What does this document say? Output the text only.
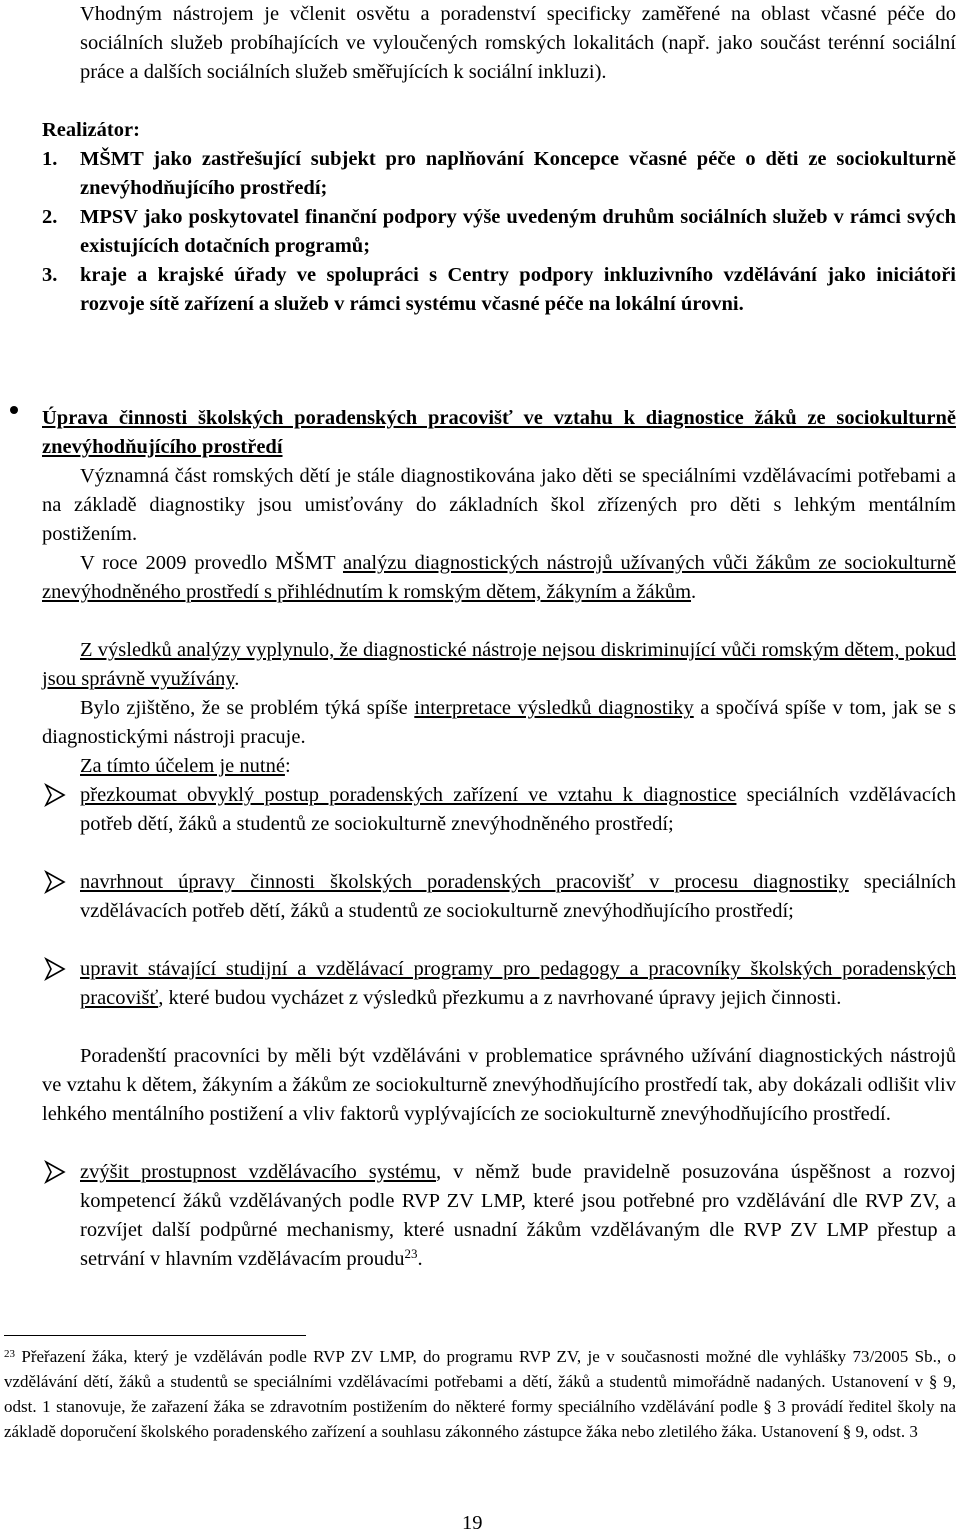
Vhodným nástrojem je včlenit osvětu a poradenství specificky zaměřené na oblast včasné péče do sociálních služeb probíhajících ve vyloučených romských lokalitách (např. jako součást terénní sociální práce a dalších sociálních služeb směřujících k sociální inkluzi).
Realizátor:
1. MŠMT jako zastřešující subjekt pro naplňování Koncepce včasné péče o děti ze sociokulturně znevýhodňujícího prostředí;
2. MPSV jako poskytovatel finanční podpory výše uvedeným druhům sociálních služeb v rámci svých existujících dotačních programů;
3. kraje a krajské úřady ve spolupráci s Centry podpory inkluzivního vzdělávání jako iniciátoři rozvoje sítě zařízení a služeb v rámci systému včasné péče na lokální úrovni.
Úprava činnosti školských poradenských pracovišť ve vztahu k diagnostice žáků ze sociokulturně znevýhodňujícího prostředí
Významná část romských dětí je stále diagnostikována jako děti se speciálními vzdělávacími potřebami a na základě diagnostiky jsou umisťovány do základních škol zřízených pro děti s lehkým mentálním postižením.
V roce 2009 provedlo MŠMT analýzu diagnostických nástrojů užívaných vůči žákům ze sociokulturně znevýhodněného prostředí s přihlédnutím k romským dětem, žákyním a žákům.
Z výsledků analýzy vyplynulo, že diagnostické nástroje nejsou diskriminující vůči romským dětem, pokud jsou správně využívány.
Bylo zjištěno, že se problém týká spíše interpretace výsledků diagnostiky a spočívá spíše v tom, jak se s diagnostickými nástroji pracuje.
Za tímto účelem je nutné:
přezkoumat obvyklý postup poradenských zařízení ve vztahu k diagnostice speciálních vzdělávacích potřeb dětí, žáků a studentů ze sociokulturně znevýhodněného prostředí;
navrhnout úpravy činnosti školských poradenských pracovišť v procesu diagnostiky speciálních vzdělávacích potřeb dětí, žáků a studentů ze sociokulturně znevýhodňujícího prostředí;
upravit stávající studijní a vzdělávací programy pro pedagogy a pracovníky školských poradenských pracovišť, které budou vycházet z výsledků přezkumu a z navrhované úpravy jejich činnosti.
Poradenští pracovníci by měli být vzděláváni v problematice správného užívání diagnostických nástrojů ve vztahu k dětem, žákyním a žákům ze sociokulturně znevýhodňujícího prostředí tak, aby dokázali odlišit vliv lehkého mentálního postižení a vliv faktorů vyplývajících ze sociokulturně znevýhodňujícího prostředí.
zvýšit prostupnost vzdělávacího systému, v němž bude pravidelně posuzována úspěšnost a rozvoj kompetencí žáků vzdělávaných podle RVP ZV LMP, které jsou potřebné pro vzdělávání dle RVP ZV, a rozvíjet další podpůrné mechanismy, které usnadní žákům vzdělávaným dle RVP ZV LMP přestup a setrvání v hlavním vzdělávacím proudu$^{23}$.
$^{23}$ Přeřazení žáka, který je vzděláván podle RVP ZV LMP, do programu RVP ZV, je v současnosti možné dle vyhlášky 73/2005 Sb., o vzdělávání dětí, žáků a studentů se speciálními vzdělávacími potřebami a dětí, žáků a studentů mimořádně nadaných. Ustanovení v § 9, odst. 1 stanovuje, že zařazení žáka se zdravotním postižením do některé formy speciálního vzdělávání podle § 3 provádí ředitel školy na základě doporučení školského poradenského zařízení a souhlasu zákonného zástupce žáka nebo zletilého žáka. Ustanovení § 9, odst. 3
19
